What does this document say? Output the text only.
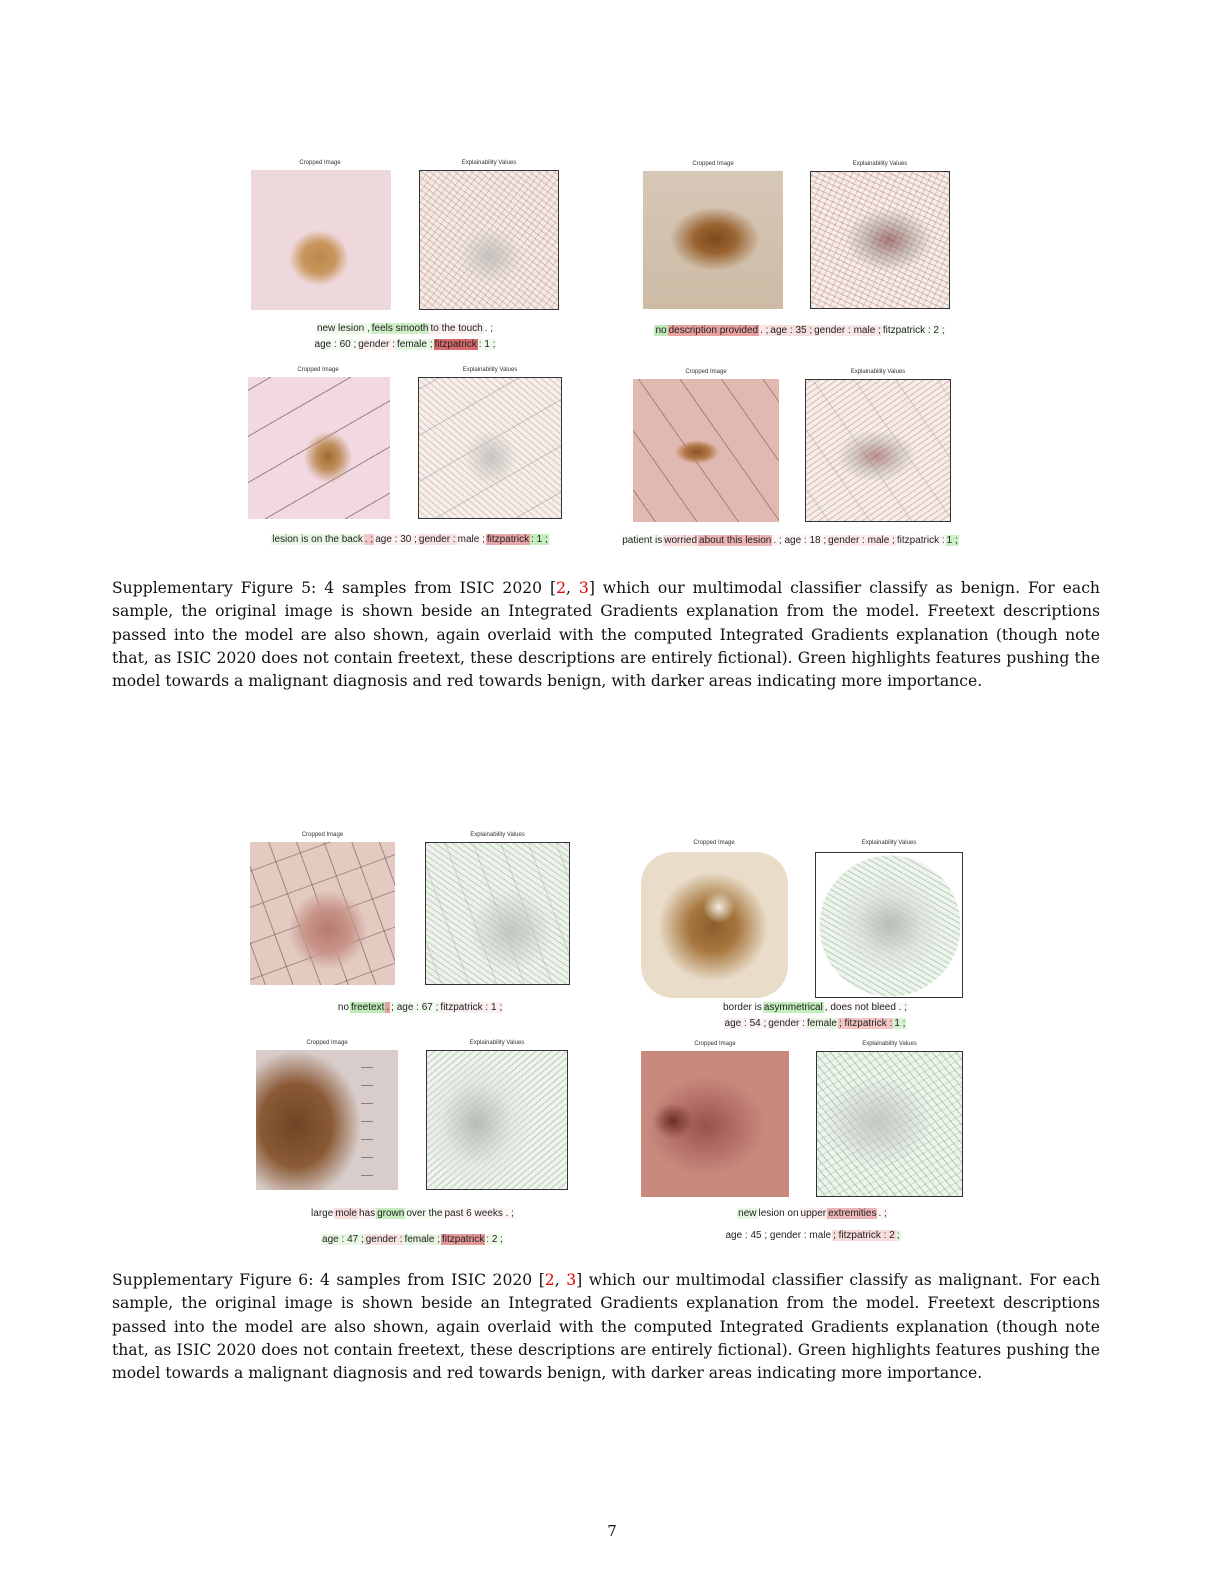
Cropped Image	Explainability Values
new lesion , feels smooth to the touch . ;
age : 60 ; gender : female ; fitzpatrick : 1 ;
Cropped Image	Explainability Values
no description provided . ; age : 35 ; gender : male ; fitzpatrick : 2 ;
Cropped Image	Explainability Values
lesion is on the back . ; age : 30 ; gender : male ; fitzpatrick : 1 ;
Cropped Image	Explainability Values
patient is worried about this lesion . ; age : 18 ; gender : male ; fitzpatrick : 1 ;

Supplementary Figure 5: 4 samples from ISIC 2020 [2, 3] which our multimodal classifier classify as benign. For each sample, the original image is shown beside an Integrated Gradients explanation from the model. Freetext descriptions passed into the model are also shown, again overlaid with the computed Integrated Gradients explanation (though note that, as ISIC 2020 does not contain freetext, these descriptions are entirely fictional). Green highlights features pushing the model towards a malignant diagnosis and red towards benign, with darker areas indicating more importance.

Cropped Image	Explainability Values
no freetext . ; age : 67 ; fitzpatrick : 1 ;
Cropped Image	Explainability Values
border is asymmetrical , does not bleed . ;
age : 54 ; gender : female ; fitzpatrick : 1 ;
Cropped Image	Explainability Values
large mole has grown over the past 6 weeks . ;
age : 47 ; gender : female ; fitzpatrick : 2 ;
Cropped Image	Explainability Values
new lesion on upper extremities . ;
age : 45 ; gender : male ; fitzpatrick : 2 ;

Supplementary Figure 6: 4 samples from ISIC 2020 [2, 3] which our multimodal classifier classify as malignant. For each sample, the original image is shown beside an Integrated Gradients explanation from the model. Freetext descriptions passed into the model are also shown, again overlaid with the computed Integrated Gradients explanation (though note that, as ISIC 2020 does not contain freetext, these descriptions are entirely fictional). Green highlights features pushing the model towards a malignant diagnosis and red towards benign, with darker areas indicating more importance.

7
